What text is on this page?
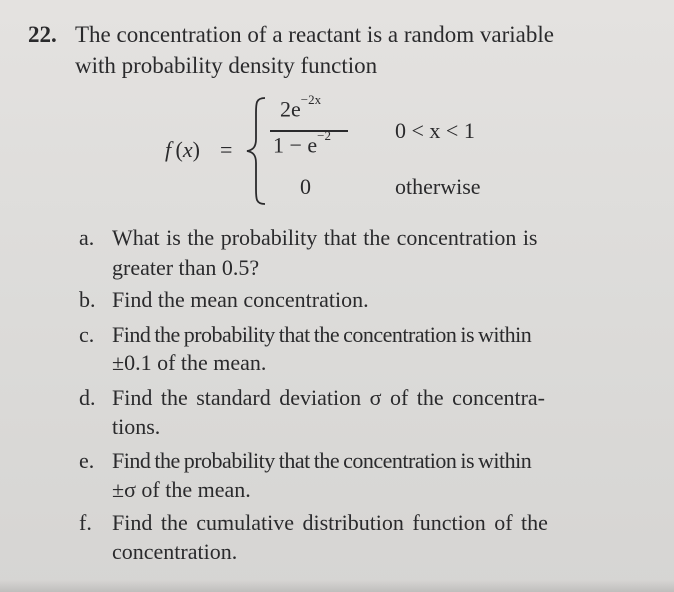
22. The concentration of a reactant is a random variable
with probability density function
f  (x) =
$2e^{-2x}$
$1 - e^{-2}$
0
0 < x < 1
otherwise
a. What is the probability that the concentration is
greater than 0.5?
b. Find the mean concentration.
c. Find the probability that the concentration is within
±0.1 of the mean.
d. Find the standard deviation σ of the concentra-
tions.
e. Find the probability that the concentration is within
±σ of the mean.
f. Find the cumulative distribution function of the
concentration.
